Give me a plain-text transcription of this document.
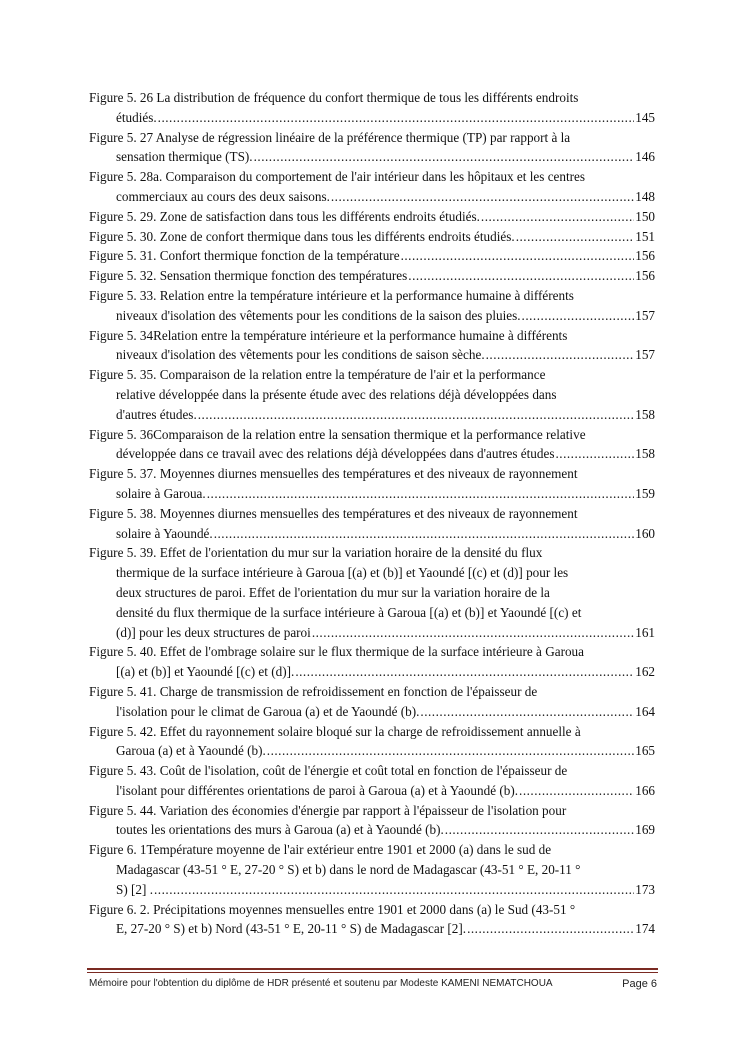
Figure 5. 26 La distribution de fréquence du confort thermique de tous les différents endroits
étudiés. .....	145
Figure 5. 27 Analyse de régression linéaire de la préférence thermique (TP) par rapport à la
sensation thermique (TS). .....	146
Figure 5. 28a. Comparaison du comportement de l'air intérieur dans les hôpitaux et les centres
commerciaux au cours des deux saisons. .....	148
Figure 5. 29. Zone de satisfaction dans tous les différents endroits étudiés. .....	150
Figure 5. 30. Zone de confort thermique dans tous les différents endroits étudiés. .....	151
Figure 5. 31. Confort thermique fonction de la température .....	156
Figure 5. 32. Sensation thermique fonction des températures .....	156
Figure 5. 33. Relation entre la température intérieure et la performance humaine à différents
niveaux d'isolation des vêtements pour les conditions de la saison des pluies. .....	157
Figure 5. 34Relation entre la température intérieure et la performance humaine à différents
niveaux d'isolation des vêtements pour les conditions de saison sèche. .....	157
Figure 5. 35. Comparaison de la relation entre la température de l'air et la performance
relative développée dans la présente étude avec des relations déjà développées dans
d'autres études. .....	158
Figure 5. 36Comparaison de la relation entre la sensation thermique et la performance relative
développée dans ce travail avec des relations déjà développées dans d'autres études .....	158
Figure 5. 37. Moyennes diurnes mensuelles des températures et des niveaux de rayonnement
solaire à Garoua. .....	159
Figure 5. 38. Moyennes diurnes mensuelles des températures et des niveaux de rayonnement
solaire à Yaoundé. .....	160
Figure 5. 39. Effet de l'orientation du mur sur la variation horaire de la densité du flux
thermique de la surface intérieure à Garoua [(a) et (b)] et Yaoundé [(c) et (d)] pour les
deux structures de paroi. Effet de l'orientation du mur sur la variation horaire de la
densité du flux thermique de la surface intérieure à Garoua [(a) et (b)] et Yaoundé [(c) et
(d)] pour les deux structures de paroi .....	161
Figure 5. 40. Effet de l'ombrage solaire sur le flux thermique de la surface intérieure à Garoua
[(a) et (b)] et Yaoundé [(c) et (d)]. .....	162
Figure 5. 41. Charge de transmission de refroidissement en fonction de l'épaisseur de
l'isolation pour le climat de Garoua (a) et de Yaoundé (b). .....	164
Figure 5. 42. Effet du rayonnement solaire bloqué sur la charge de refroidissement annuelle à
Garoua (a) et à Yaoundé (b). .....	165
Figure 5. 43. Coût de l'isolation, coût de l'énergie et coût total en fonction de l'épaisseur de
l'isolant pour différentes orientations de paroi à Garoua (a) et à Yaoundé (b). .....	166
Figure 5. 44. Variation des économies d'énergie par rapport à l'épaisseur de l'isolation pour
toutes les orientations des murs à Garoua (a) et à Yaoundé (b). .....	169
Figure 6. 1Température moyenne de l'air extérieur entre 1901 et 2000 (a) dans le sud de
Madagascar (43-51 ° E, 27-20 ° S) et b) dans le nord de Madagascar (43-51 ° E, 20-11 °
S) [2] . .....	173
Figure 6. 2. Précipitations moyennes mensuelles entre 1901 et 2000 dans (a) le Sud (43-51 °
E, 27-20 ° S) et b) Nord (43-51 ° E, 20-11 ° S) de Madagascar [2]. .....	174
Mémoire pour l'obtention du diplôme de HDR présenté et soutenu par Modeste KAMENI NEMATCHOUA	Page 6
